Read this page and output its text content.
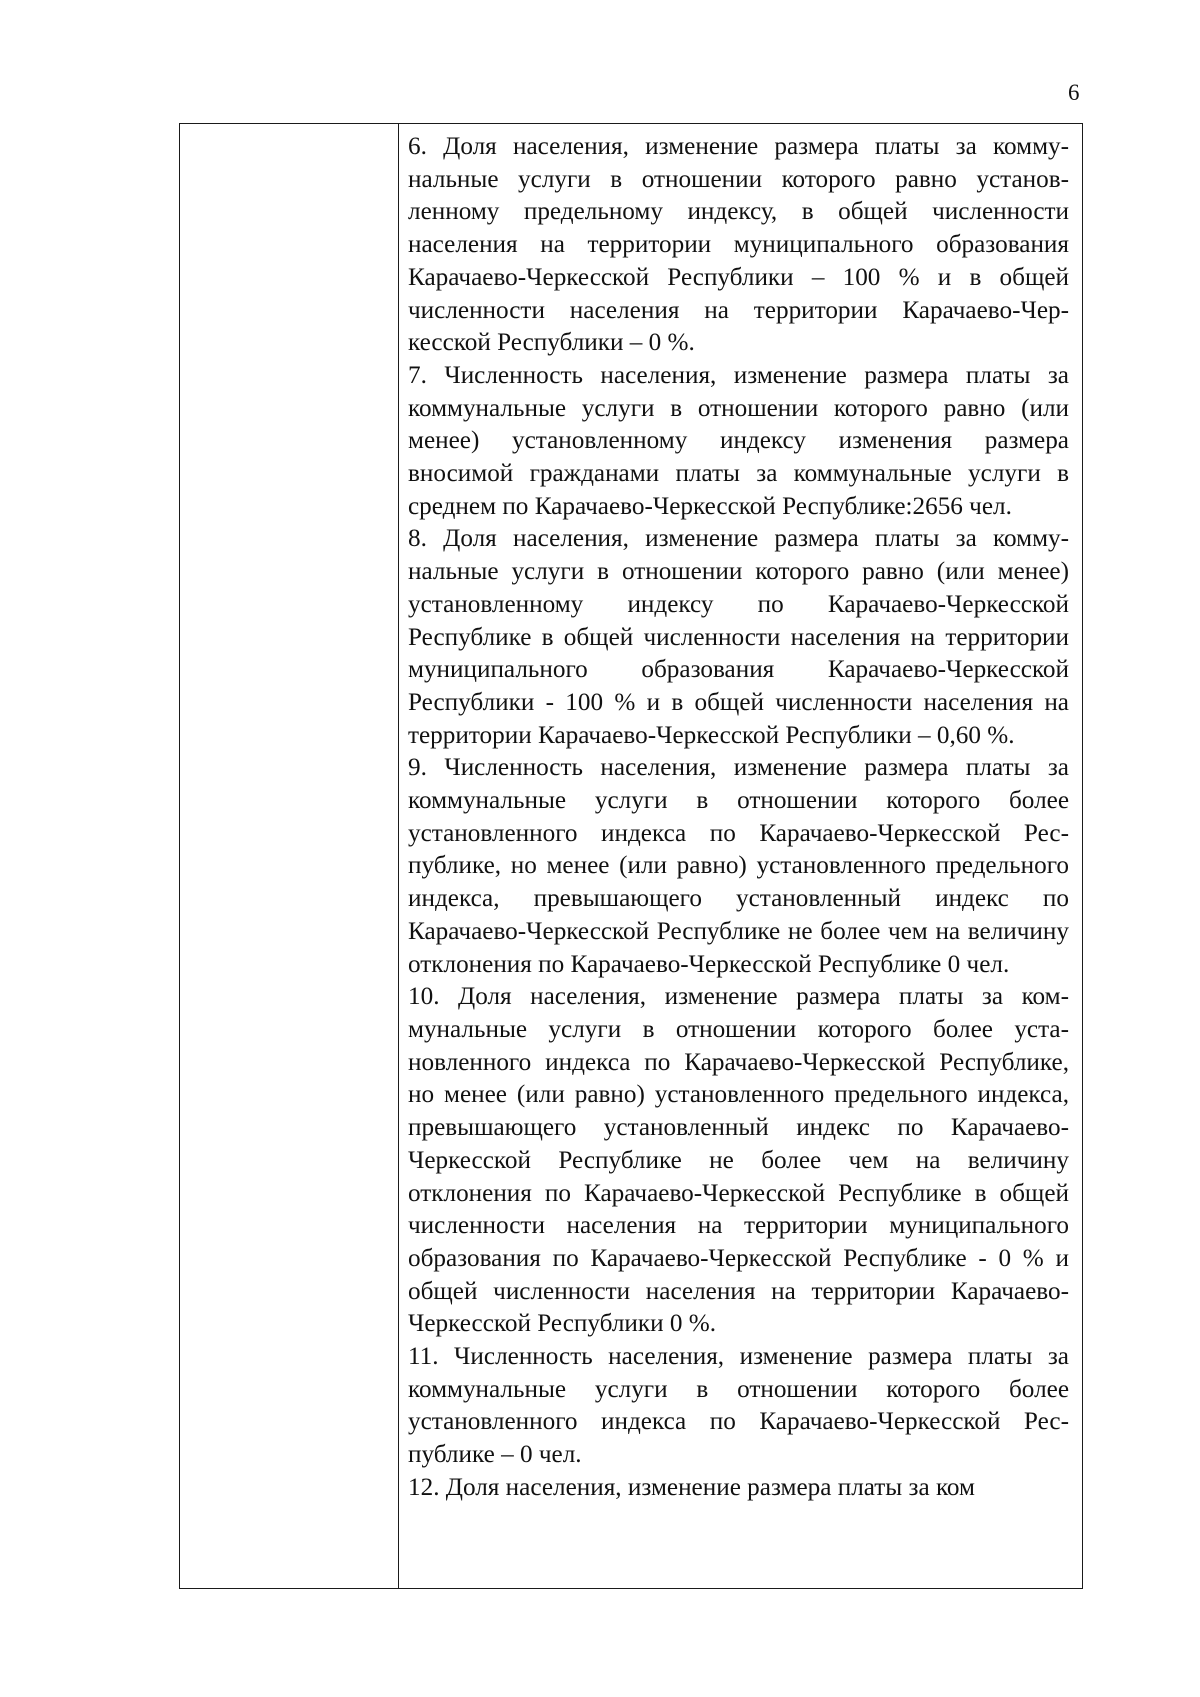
6

6. Доля населения, изменение размера платы за коммунальные услуги в отношении которого равно установленному предельному индексу, в общей численности населения на территории муниципального образования Карачаево-Черкесской Республики – 100 % и в общей численности населения на территории Карачаево-Черкесской Республики – 0 %.

7. Численность населения, изменение размера платы за коммунальные услуги в отношении которого равно (или менее) установленному индексу изменения размера вносимой гражданами платы за коммунальные услуги в среднем по Карачаево-Черкесской Республике:2656 чел.

8. Доля населения, изменение размера платы за коммунальные услуги в отношении которого равно (или менее) установленному индексу по Карачаево-Черкесской Республике в общей численности населения на территории муниципального образования Карачаево-Черкесской Республики - 100 % и в общей численности населения на территории Карачаево-Черкесской Республики – 0,60 %.

9. Численность населения, изменение размера платы за коммунальные услуги в отношении которого более установленного индекса по Карачаево-Черкесской Республике, но менее (или равно) установленного предельного индекса, превышающего установленный индекс по Карачаево-Черкесской Республике не более чем на величину отклонения по Карачаево-Черкесской Республике 0 чел.

10. Доля населения, изменение размера платы за коммунальные услуги в отношении которого более установленного индекса по Карачаево-Черкесской Республике, но менее (или равно) установленного предельного индекса, превышающего установленный индекс по Карачаево-Черкесской Республике не более чем на величину отклонения по Карачаево-Черкесской Республике в общей численности населения на территории муниципального образования по Карачаево-Черкесской Республике - 0 % и общей численности населения на территории Карачаево-Черкесской Республики 0 %.

11. Численность населения, изменение размера платы за коммунальные услуги в отношении которого более установленного индекса по Карачаево-Черкесской Республике – 0 чел.

12. Доля населения, изменение размера платы за ком
